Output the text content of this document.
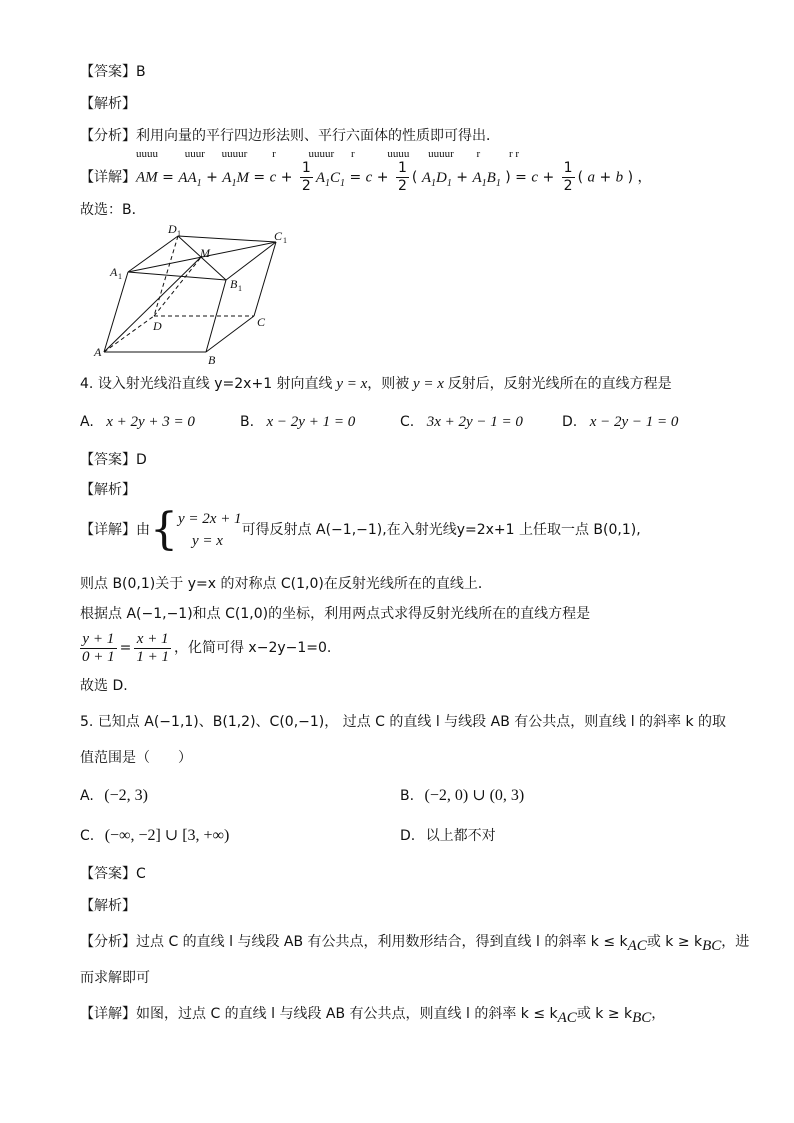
【答案】B
【解析】
【分析】利用向量的平行四边形法则、平行六面体的性质即可得出．
uuuu uuur uuuur r	uuuur r	uuuu uuuur r	r r
【详解】AM = $AA_1 + A_1M = c + \frac{1}{2} A_1C_1 = c + \frac{1}{2}$ ( $A_1D_1 + A_1B_1$ ) = $c + \frac{1}{2}$ ( a + b ) ，
故选：B．
D 1	C 1
M
A 1
B 1
D	C
A
B
4. 设入射光线沿直线 y=2x+1 射向直线 y = x，则被 y = x 反射后，反射光线所在的直线方程是
A. x + 2y + 3 = 0	B. x − 2y + 1 = 0	C. 3x + 2y − 1 = 0	D. x − 2y − 1 = 0
【答案】D
【解析】
【详解】由{ y = 2x + 1
y = x
可得反射点 A(−1,−1),在入射光线y=2x+1 上任取一点 B(0,1),
则点 B(0,1)关于 y=x 的对称点 C(1,0)在反射光线所在的直线上．
根据点 A(−1,−1)和点 C(1,0)的坐标，利用两点式求得反射光线所在的直线方程是
$\frac{y + 1}{0 + 1} = \frac{x + 1}{1 + 1}$ ，化简可得 x−2y−1=0.
故选 D.
5. 已知点 A(−1,1)、B(1,2)、C(0,−1)， 过点 C 的直线 l 与线段 AB 有公共点，则直线 l 的斜率 k 的取
值范围是（　　）
A. (−2, 3)	B. (−2, 0) ∪ (0, 3)
C. (−∞, −2] ∪ [3, +∞)	D. 以上都不对
【答案】C
【解析】
【分析】过点 C 的直线 l 与线段 AB 有公共点，利用数形结合，得到直线 l 的斜率 $k \le k_{AC}$或 $k \ge k_{BC}$，进
而求解即可
【详解】如图，过点 C 的直线 l 与线段 AB 有公共点，则直线 l 的斜率 $k \le k_{AC}$或 $k \ge k_{BC}$，
